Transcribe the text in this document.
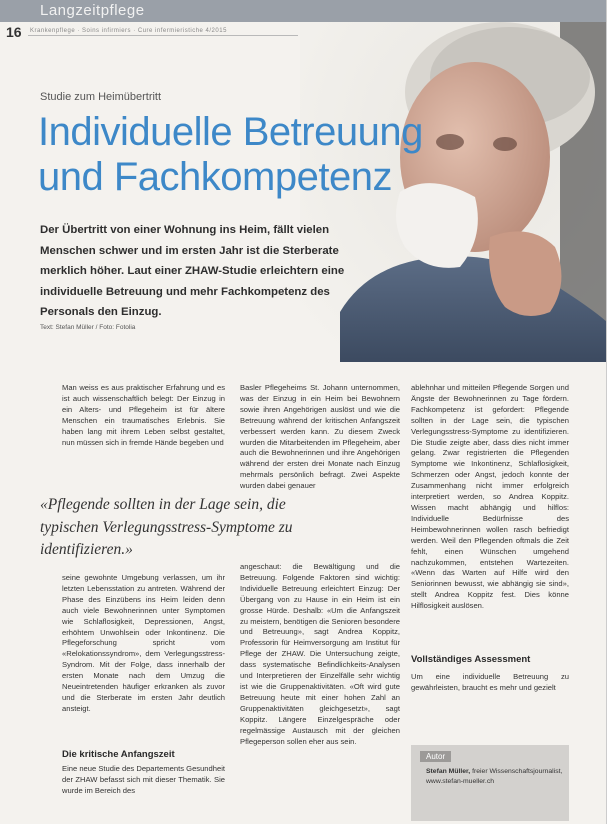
Langzeitpflege
16 Krankenpflege · Soins infirmiers · Cure infermieristiche 4/2015
Studie zum Heimübertritt
Individuelle Betreuung
und Fachkompetenz
Der Übertritt von einer Wohnung ins Heim, fällt vielen Menschen schwer und im ersten Jahr ist die Sterberate merklich höher. Laut einer ZHAW-Studie erleichtern eine individuelle Betreuung und mehr Fachkompetenz des Personals den Einzug.
Text: Stefan Müller / Foto: Fotolia

Man weiss es aus praktischer Erfahrung und es ist auch wissenschaftlich belegt: Der Einzug in ein Alters- und Pflegeheim ist für ältere Menschen ein traumatisches Erlebnis. Sie haben lang mit ihrem Leben selbst gestaltet, nun müssen sich in fremde Hände begeben und

«Pflegende sollten in der Lage sein, die typischen Verlegungsstress-Symptome zu identifizieren.»

seine gewohnte Umgebung verlassen, um ihr letzten Lebensstation zu antreten. Während der Phase des Einzübens ins Heim leiden denn auch viele Bewohnerinnen unter Symptomen wie Schlaflosigkeit, Depressionen, Angst, erhöhtem Unwohlsein oder Inkontinenz. Die Pflegeforschung spricht vom «Relokationssyndrom», dem Verlegungsstress-Syndrom. Mit der Folge, dass innerhalb der ersten Monate nach dem Umzug die Neueintretenden häufiger erkranken als zuvor und die Sterberate im ersten Jahr deutlich ansteigt.

Die kritische Anfangszeit

Eine neue Studie des Departements Gesundheit der ZHAW befasst sich mit dieser Thematik. Sie wurde im Bereich des

Basler Pflegeheims St. Johann unternommen, was der Einzug in ein Heim bei Bewohnern sowie ihren Angehörigen auslöst und wie die Betreuung während der kritischen Anfangszeit verbessert werden kann. Zu diesem Zweck wurden die Mitarbeitenden im Pflegeheim, aber auch die Bewohnerinnen und ihre Angehörigen während der ersten drei Monate nach Einzug mehrmals persönlich befragt. Zwei Aspekte wurden dabei genauer

angeschaut: die Bewältigung und die Betreuung. Folgende Faktoren sind wichtig: Individuelle Betreuung erleichtert Einzug: Der Übergang von zu Hause in ein Heim ist ein grosse Hürde. Deshalb: «Um die Anfangszeit zu meistern, benötigen die Senioren besondere und Betreuung», sagt Andrea Koppitz, Professorin für Heimversorgung am Institut für Pflege der ZHAW. Die Untersuchung zeigte, dass systematische Befindlichkeits-Analysen und Interpretieren der Einzelfälle sehr wichtig ist wie die Gruppenaktivitäten. «Oft wird gute Betreuung heute mit einer hohen Zahl an Gruppenaktivitäten gleichgesetzt», sagt Koppitz. Längere Einzelgespräche oder regelmässige Austausch mit der gleichen Pflegeperson sollen eher aus sein.

ablehnhar und mitteilen Pflegende Sorgen und Ängste der Bewohnerinnen zu Tage fördern. Fachkompetenz ist gefordert: Pflegende sollten in der Lage sein, die typischen Verlegungsstress-Symptome zu identifizieren. Die Studie zeigte aber, dass dies nicht immer gelang. Zwar registrierten die Pflegenden Symptome wie Inkontinenz, Schlaflosigkeit, Schmerzen oder Angst, jedoch konnte der Zusammenhang nicht immer erfolgreich interpretiert werden, so Andrea Koppitz. Wissen macht abhängig und hilflos: Individuelle Bedürfnisse des Heimbewohnerinnen wollen rasch befriedigt werden. Weil den Pflegenden oftmals die Zeit fehlt, einen Wünschen umgehend nachzukommen, entstehen Wartezeiten. «Wenn das Warten auf Hilfe wird den Seniorinnen bewusst, wie abhängig sie sind», stellt Andrea Koppitz fest. Dies könne Hilflosigkeit auslösen.

Vollständiges Assessment

Um eine individuelle Betreuung zu gewährleisten, braucht es mehr und gezielt

Autor
Stefan Müller, freier Wissenschaftsjournalist, www.stefan-mueller.ch
